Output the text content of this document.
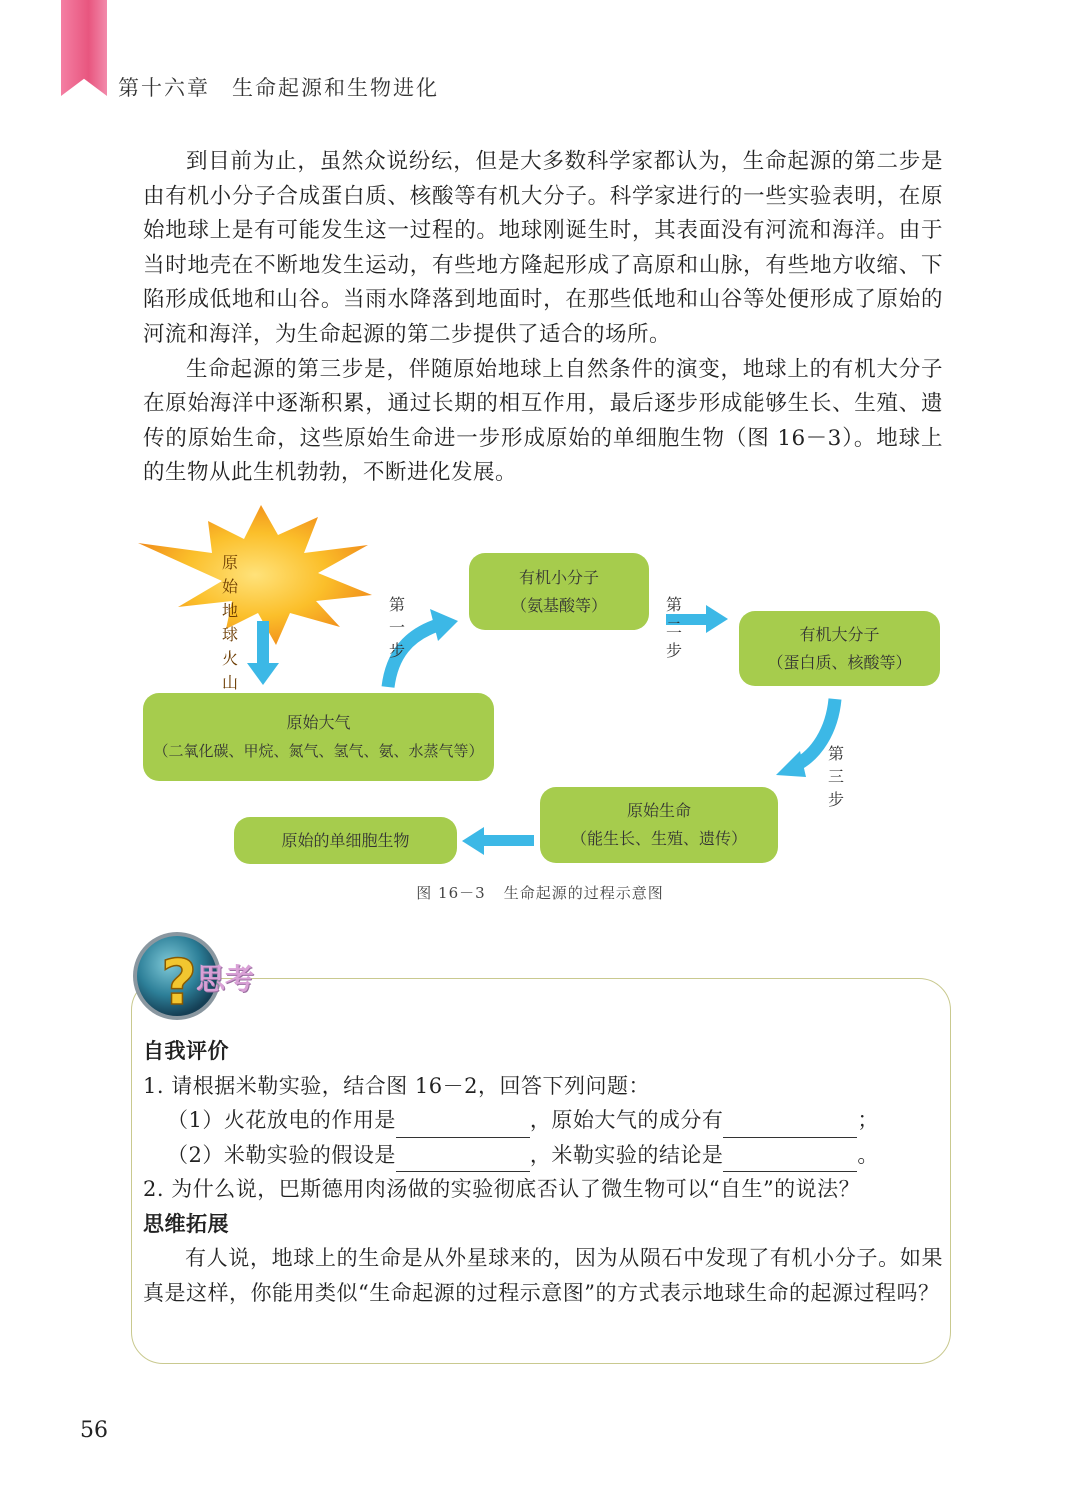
第十六章 生命起源和生物进化

到目前为止，虽然众说纷纭，但是大多数科学家都认为，生命起源的第二步是由有机小分子合成蛋白质、核酸等有机大分子。科学家进行的一些实验表明，在原始地球上是有可能发生这一过程的。地球刚诞生时，其表面没有河流和海洋。由于当时地壳在不断地发生运动，有些地方隆起形成了高原和山脉，有些地方收缩、下陷形成低地和山谷。当雨水降落到地面时，在那些低地和山谷等处便形成了原始的河流和海洋，为生命起源的第二步提供了适合的场所。

生命起源的第三步是，伴随原始地球上自然条件的演变，地球上的有机大分子在原始海洋中逐渐积累，通过长期的相互作用，最后逐步形成能够生长、生殖、遗传的原始生命，这些原始生命进一步形成原始的单细胞生物（图 16－3）。地球上的生物从此生机勃勃，不断进化发展。

原始地球
火山
原始大气
（二氧化碳、甲烷、氮气、氢气、氨、水蒸气等）
有机小分子
（氨基酸等）
有机大分子
（蛋白质、核酸等）
原始生命
（能生长、生殖、遗传）
原始的单细胞生物
第一步
第二步
第三步
图 16－3 生命起源的过程示意图
? 思考
自我评价
1. 请根据米勒实验，结合图 16－2，回答下列问题：
（1）火花放电的作用是	，原始大气的成分有	；
（2）米勒实验的假设是	，米勒实验的结论是	。
2. 为什么说，巴斯德用肉汤做的实验彻底否认了微生物可以“自生”的说法？
思维拓展

有人说，地球上的生命是从外星球来的，因为从陨石中发现了有机小分子。如果真是这样，你能用类似“生命起源的过程示意图”的方式表示地球生命的起源过程吗？

56
